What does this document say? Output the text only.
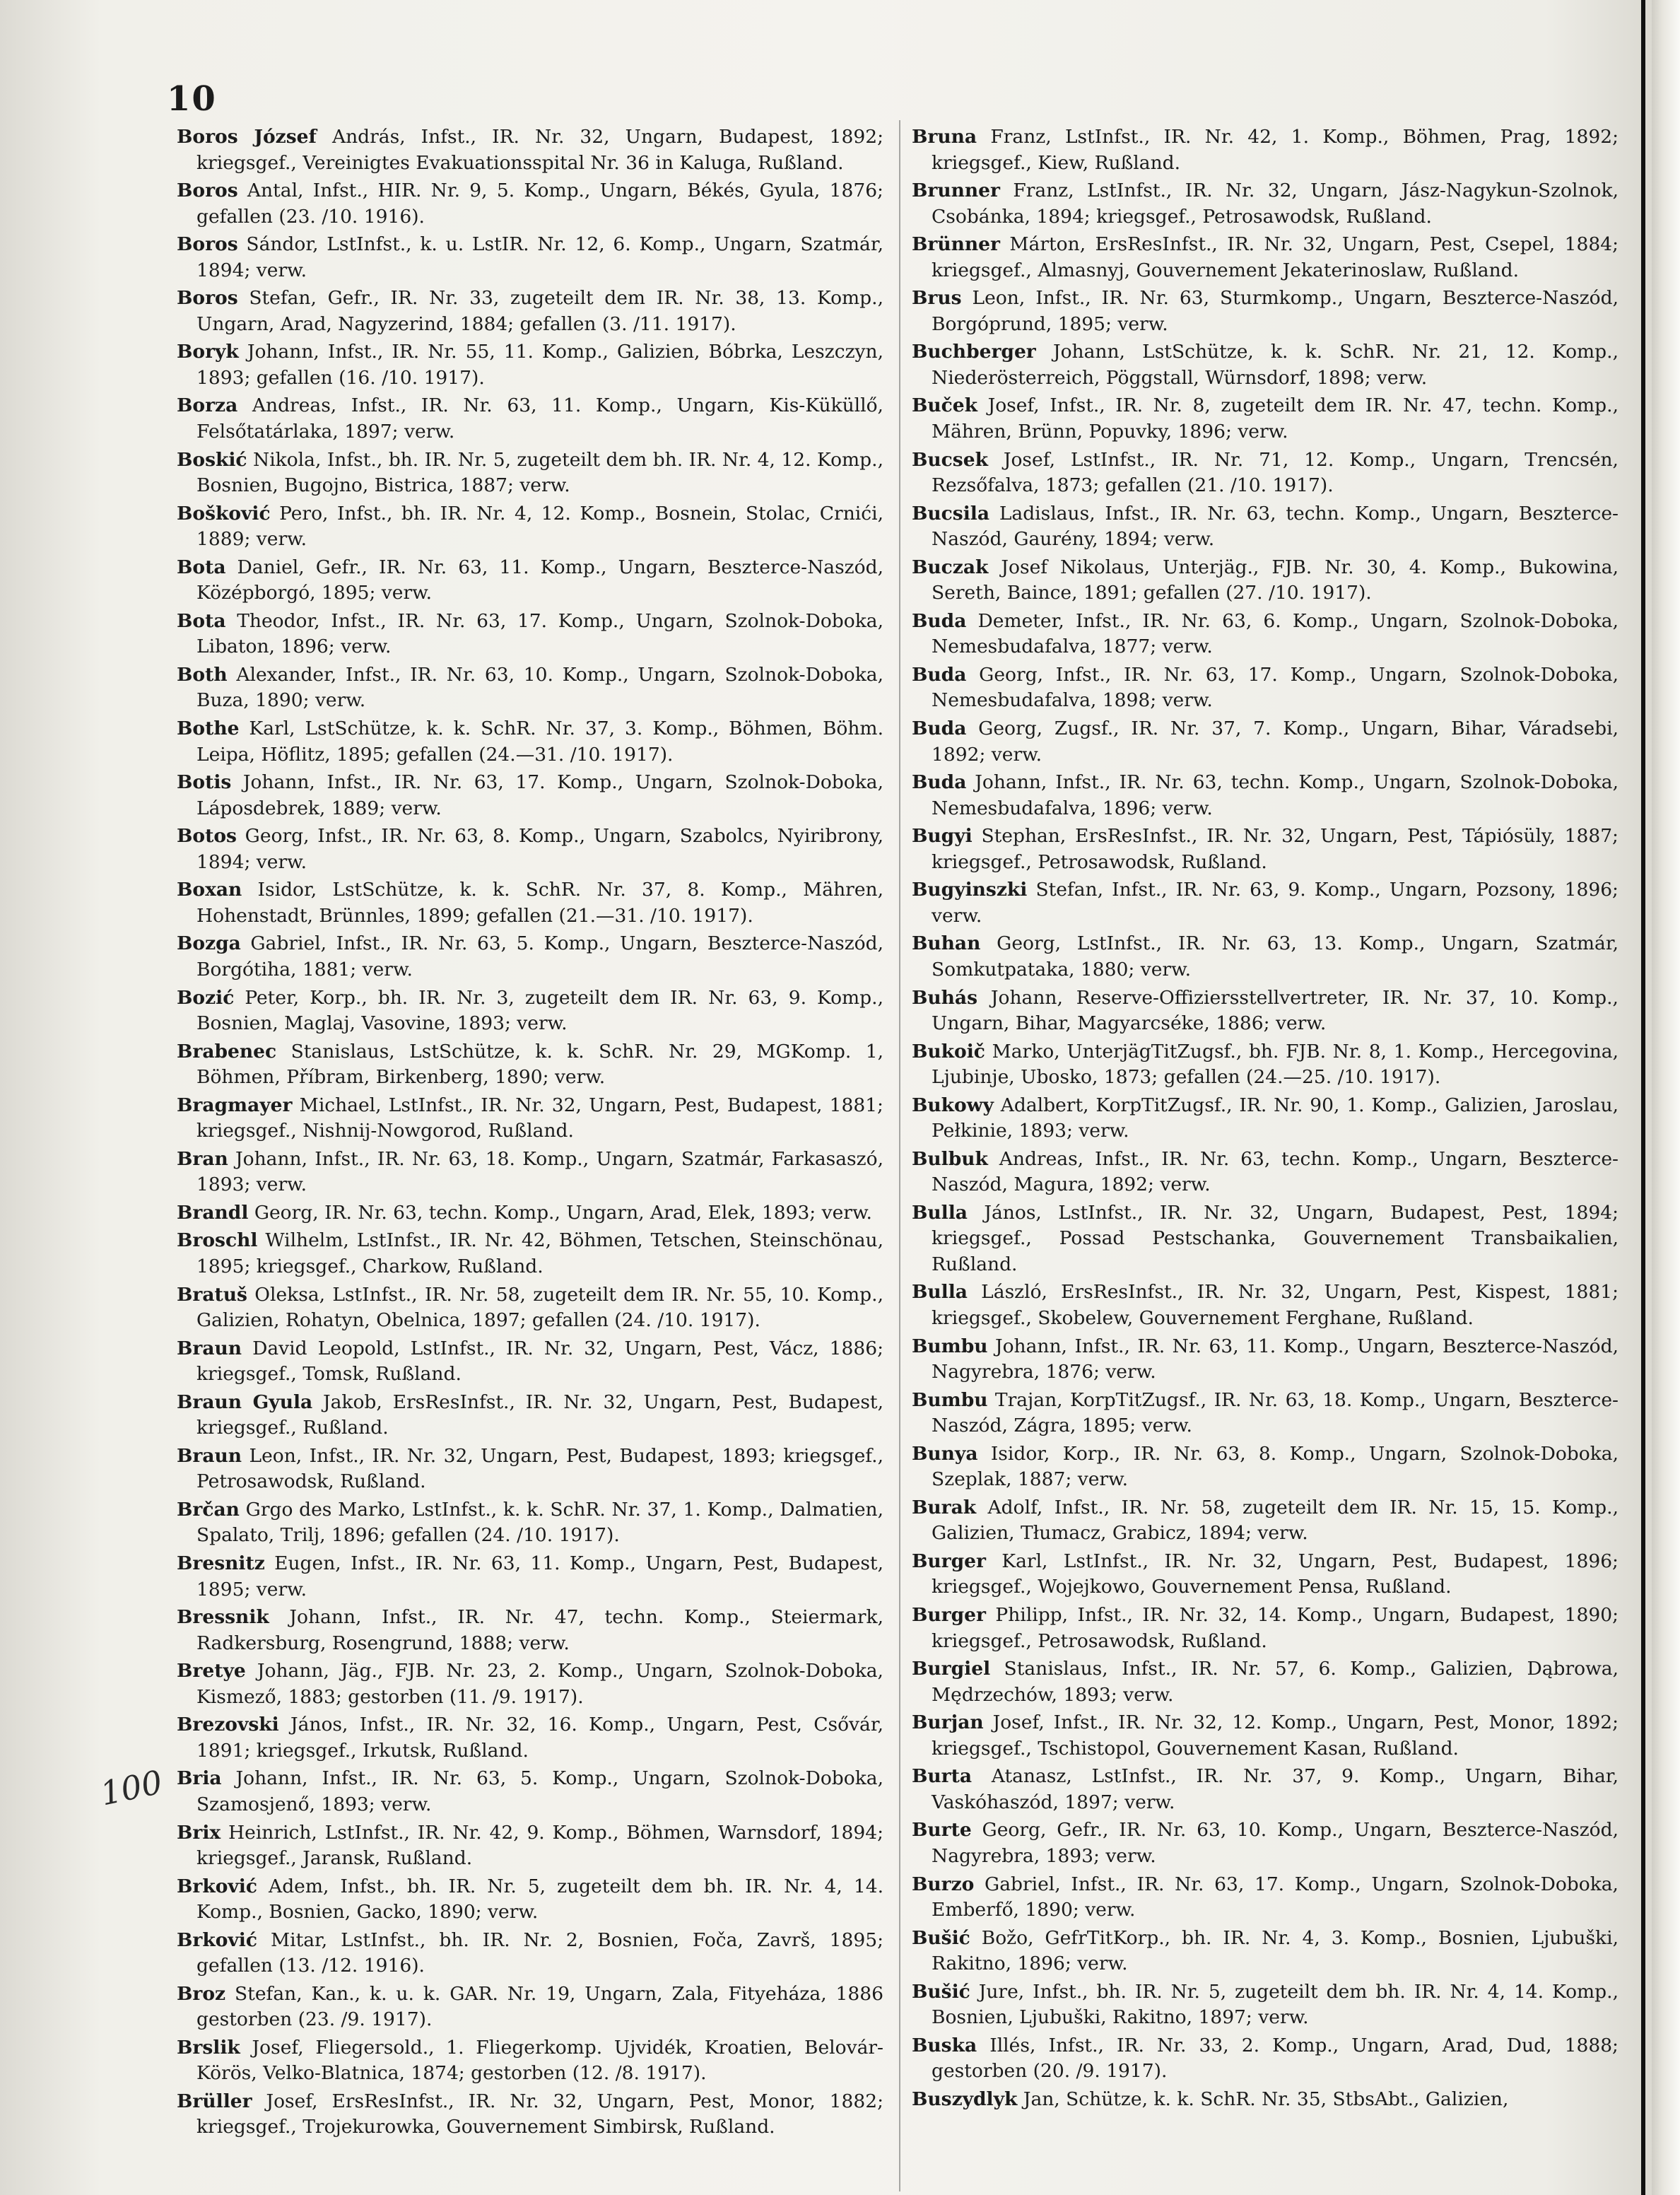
10
100

Boros József András, Infst., IR. Nr. 32, Ungarn, Budapest, 1892; kriegsgef., Vereinigtes Evakuationsspital Nr. 36 in Kaluga, Rußland.

Boros Antal, Infst., HIR. Nr. 9, 5. Komp., Ungarn, Békés, Gyula, 1876; gefallen (23. /10. 1916).

Boros Sándor, LstInfst., k. u. LstIR. Nr. 12, 6. Komp., Ungarn, Szatmár, 1894; verw.

Boros Stefan, Gefr., IR. Nr. 33, zugeteilt dem IR. Nr. 38, 13. Komp., Ungarn, Arad, Nagyzerind, 1884; gefallen (3. /11. 1917).

Boryk Johann, Infst., IR. Nr. 55, 11. Komp., Galizien, Bóbrka, Leszczyn, 1893; gefallen (16. /10. 1917).

Borza Andreas, Infst., IR. Nr. 63, 11. Komp., Ungarn, Kis-Küküllő, Felsőtatárlaka, 1897; verw.

Boskić Nikola, Infst., bh. IR. Nr. 5, zugeteilt dem bh. IR. Nr. 4, 12. Komp., Bosnien, Bugojno, Bistrica, 1887; verw.

Bošković Pero, Infst., bh. IR. Nr. 4, 12. Komp., Bosnein, Stolac, Crnići, 1889; verw.

Bota Daniel, Gefr., IR. Nr. 63, 11. Komp., Ungarn, Beszterce-Naszód, Középborgó, 1895; verw.

Bota Theodor, Infst., IR. Nr. 63, 17. Komp., Ungarn, Szolnok-Doboka, Libaton, 1896; verw.

Both Alexander, Infst., IR. Nr. 63, 10. Komp., Ungarn, Szolnok-Doboka, Buza, 1890; verw.

Bothe Karl, LstSchütze, k. k. SchR. Nr. 37, 3. Komp., Böhmen, Böhm. Leipa, Höflitz, 1895; gefallen (24.—31. /10. 1917).

Botis Johann, Infst., IR. Nr. 63, 17. Komp., Ungarn, Szolnok-Doboka, Láposdebrek, 1889; verw.

Botos Georg, Infst., IR. Nr. 63, 8. Komp., Ungarn, Szabolcs, Nyiribrony, 1894; verw.

Boxan Isidor, LstSchütze, k. k. SchR. Nr. 37, 8. Komp., Mähren, Hohenstadt, Brünnles, 1899; gefallen (21.—31. /10. 1917).

Bozga Gabriel, Infst., IR. Nr. 63, 5. Komp., Ungarn, Beszterce-Naszód, Borgótiha, 1881; verw.

Bozić Peter, Korp., bh. IR. Nr. 3, zugeteilt dem IR. Nr. 63, 9. Komp., Bosnien, Maglaj, Vasovine, 1893; verw.

Brabenec Stanislaus, LstSchütze, k. k. SchR. Nr. 29, MGKomp. 1, Böhmen, Příbram, Birkenberg, 1890; verw.

Bragmayer Michael, LstInfst., IR. Nr. 32, Ungarn, Pest, Budapest, 1881; kriegsgef., Nishnij-Nowgorod, Rußland.

Bran Johann, Infst., IR. Nr. 63, 18. Komp., Ungarn, Szatmár, Farkasaszó, 1893; verw.

Brandl Georg, IR. Nr. 63, techn. Komp., Ungarn, Arad, Elek, 1893; verw.

Broschl Wilhelm, LstInfst., IR. Nr. 42, Böhmen, Tetschen, Steinschönau, 1895; kriegsgef., Charkow, Rußland.

Bratuš Oleksa, LstInfst., IR. Nr. 58, zugeteilt dem IR. Nr. 55, 10. Komp., Galizien, Rohatyn, Obelnica, 1897; gefallen (24. /10. 1917).

Braun David Leopold, LstInfst., IR. Nr. 32, Ungarn, Pest, Vácz, 1886; kriegsgef., Tomsk, Rußland.

Braun Gyula Jakob, ErsResInfst., IR. Nr. 32, Ungarn, Pest, Budapest, kriegsgef., Rußland.

Braun Leon, Infst., IR. Nr. 32, Ungarn, Pest, Budapest, 1893; kriegsgef., Petrosawodsk, Rußland.

Brčan Grgo des Marko, LstInfst., k. k. SchR. Nr. 37, 1. Komp., Dalmatien, Spalato, Trilj, 1896; gefallen (24. /10. 1917).

Bresnitz Eugen, Infst., IR. Nr. 63, 11. Komp., Ungarn, Pest, Budapest, 1895; verw.

Bressnik Johann, Infst., IR. Nr. 47, techn. Komp., Steiermark, Radkersburg, Rosengrund, 1888; verw.

Bretye Johann, Jäg., FJB. Nr. 23, 2. Komp., Ungarn, Szolnok-Doboka, Kismező, 1883; gestorben (11. /9. 1917).

Brezovski János, Infst., IR. Nr. 32, 16. Komp., Ungarn, Pest, Csővár, 1891; kriegsgef., Irkutsk, Rußland.

Bria Johann, Infst., IR. Nr. 63, 5. Komp., Ungarn, Szolnok-Doboka, Szamosjenő, 1893; verw.

Brix Heinrich, LstInfst., IR. Nr. 42, 9. Komp., Böhmen, Warnsdorf, 1894; kriegsgef., Jaransk, Rußland.

Brković Adem, Infst., bh. IR. Nr. 5, zugeteilt dem bh. IR. Nr. 4, 14. Komp., Bosnien, Gacko, 1890; verw.

Brković Mitar, LstInfst., bh. IR. Nr. 2, Bosnien, Foča, Završ, 1895; gefallen (13. /12. 1916).

Broz Stefan, Kan., k. u. k. GAR. Nr. 19, Ungarn, Zala, Fityeháza, 1886 gestorben (23. /9. 1917).

Brslik Josef, Fliegersold., 1. Fliegerkomp. Ujvidék, Kroatien, Belovár-Körös, Velko-Blatnica, 1874; gestorben (12. /8. 1917).

Brüller Josef, ErsResInfst., IR. Nr. 32, Ungarn, Pest, Monor, 1882; kriegsgef., Trojekurowka, Gouvernement Simbirsk, Rußland.

Bruna Franz, LstInfst., IR. Nr. 42, 1. Komp., Böhmen, Prag, 1892; kriegsgef., Kiew, Rußland.

Brunner Franz, LstInfst., IR. Nr. 32, Ungarn, Jász-Nagykun-Szolnok, Csobánka, 1894; kriegsgef., Petrosawodsk, Rußland.

Brünner Márton, ErsResInfst., IR. Nr. 32, Ungarn, Pest, Csepel, 1884; kriegsgef., Almasnyj, Gouvernement Jekaterinoslaw, Rußland.

Brus Leon, Infst., IR. Nr. 63, Sturmkomp., Ungarn, Beszterce-Naszód, Borgóprund, 1895; verw.

Buchberger Johann, LstSchütze, k. k. SchR. Nr. 21, 12. Komp., Niederösterreich, Pöggstall, Würnsdorf, 1898; verw.

Buček Josef, Infst., IR. Nr. 8, zugeteilt dem IR. Nr. 47, techn. Komp., Mähren, Brünn, Popuvky, 1896; verw.

Bucsek Josef, LstInfst., IR. Nr. 71, 12. Komp., Ungarn, Trencsén, Rezsőfalva, 1873; gefallen (21. /10. 1917).

Bucsila Ladislaus, Infst., IR. Nr. 63, techn. Komp., Ungarn, Beszterce-Naszód, Gaurény, 1894; verw.

Buczak Josef Nikolaus, Unterjäg., FJB. Nr. 30, 4. Komp., Bukowina, Sereth, Baince, 1891; gefallen (27. /10. 1917).

Buda Demeter, Infst., IR. Nr. 63, 6. Komp., Ungarn, Szolnok-Doboka, Nemesbudafalva, 1877; verw.

Buda Georg, Infst., IR. Nr. 63, 17. Komp., Ungarn, Szolnok-Doboka, Nemesbudafalva, 1898; verw.

Buda Georg, Zugsf., IR. Nr. 37, 7. Komp., Ungarn, Bihar, Váradsebi, 1892; verw.

Buda Johann, Infst., IR. Nr. 63, techn. Komp., Ungarn, Szolnok-Doboka, Nemesbudafalva, 1896; verw.

Bugyi Stephan, ErsResInfst., IR. Nr. 32, Ungarn, Pest, Tápiósüly, 1887; kriegsgef., Petrosawodsk, Rußland.

Bugyinszki Stefan, Infst., IR. Nr. 63, 9. Komp., Ungarn, Pozsony, 1896; verw.

Buhan Georg, LstInfst., IR. Nr. 63, 13. Komp., Ungarn, Szatmár, Somkutpataka, 1880; verw.

Buhás Johann, Reserve-Offiziersstellvertreter, IR. Nr. 37, 10. Komp., Ungarn, Bihar, Magyarcséke, 1886; verw.

Bukoič Marko, UnterjägTitZugsf., bh. FJB. Nr. 8, 1. Komp., Hercegovina, Ljubinje, Ubosko, 1873; gefallen (24.—25. /10. 1917).

Bukowy Adalbert, KorpTitZugsf., IR. Nr. 90, 1. Komp., Galizien, Jaroslau, Pełkinie, 1893; verw.

Bulbuk Andreas, Infst., IR. Nr. 63, techn. Komp., Ungarn, Beszterce-Naszód, Magura, 1892; verw.

Bulla János, LstInfst., IR. Nr. 32, Ungarn, Budapest, Pest, 1894; kriegsgef., Possad Pestschanka, Gouvernement Transbaikalien, Rußland.

Bulla László, ErsResInfst., IR. Nr. 32, Ungarn, Pest, Kispest, 1881; kriegsgef., Skobelew, Gouvernement Ferghane, Rußland.

Bumbu Johann, Infst., IR. Nr. 63, 11. Komp., Ungarn, Beszterce-Naszód, Nagyrebra, 1876; verw.

Bumbu Trajan, KorpTitZugsf., IR. Nr. 63, 18. Komp., Ungarn, Beszterce-Naszód, Zágra, 1895; verw.

Bunya Isidor, Korp., IR. Nr. 63, 8. Komp., Ungarn, Szolnok-Doboka, Szeplak, 1887; verw.

Burak Adolf, Infst., IR. Nr. 58, zugeteilt dem IR. Nr. 15, 15. Komp., Galizien, Tłumacz, Grabicz, 1894; verw.

Burger Karl, LstInfst., IR. Nr. 32, Ungarn, Pest, Budapest, 1896; kriegsgef., Wojejkowo, Gouvernement Pensa, Rußland.

Burger Philipp, Infst., IR. Nr. 32, 14. Komp., Ungarn, Budapest, 1890; kriegsgef., Petrosawodsk, Rußland.

Burgiel Stanislaus, Infst., IR. Nr. 57, 6. Komp., Galizien, Dąbrowa, Mędrzechów, 1893; verw.

Burjan Josef, Infst., IR. Nr. 32, 12. Komp., Ungarn, Pest, Monor, 1892; kriegsgef., Tschistopol, Gouvernement Kasan, Rußland.

Burta Atanasz, LstInfst., IR. Nr. 37, 9. Komp., Ungarn, Bihar, Vaskóhaszód, 1897; verw.

Burte Georg, Gefr., IR. Nr. 63, 10. Komp., Ungarn, Beszterce-Naszód, Nagyrebra, 1893; verw.

Burzo Gabriel, Infst., IR. Nr. 63, 17. Komp., Ungarn, Szolnok-Doboka, Emberfő, 1890; verw.

Bušić Božo, GefrTitKorp., bh. IR. Nr. 4, 3. Komp., Bosnien, Ljubuški, Rakitno, 1896; verw.

Bušić Jure, Infst., bh. IR. Nr. 5, zugeteilt dem bh. IR. Nr. 4, 14. Komp., Bosnien, Ljubuški, Rakitno, 1897; verw.

Buska Illés, Infst., IR. Nr. 33, 2. Komp., Ungarn, Arad, Dud, 1888; gestorben (20. /9. 1917).

Buszydlyk Jan, Schütze, k. k. SchR. Nr. 35, StbsAbt., Galizien,
